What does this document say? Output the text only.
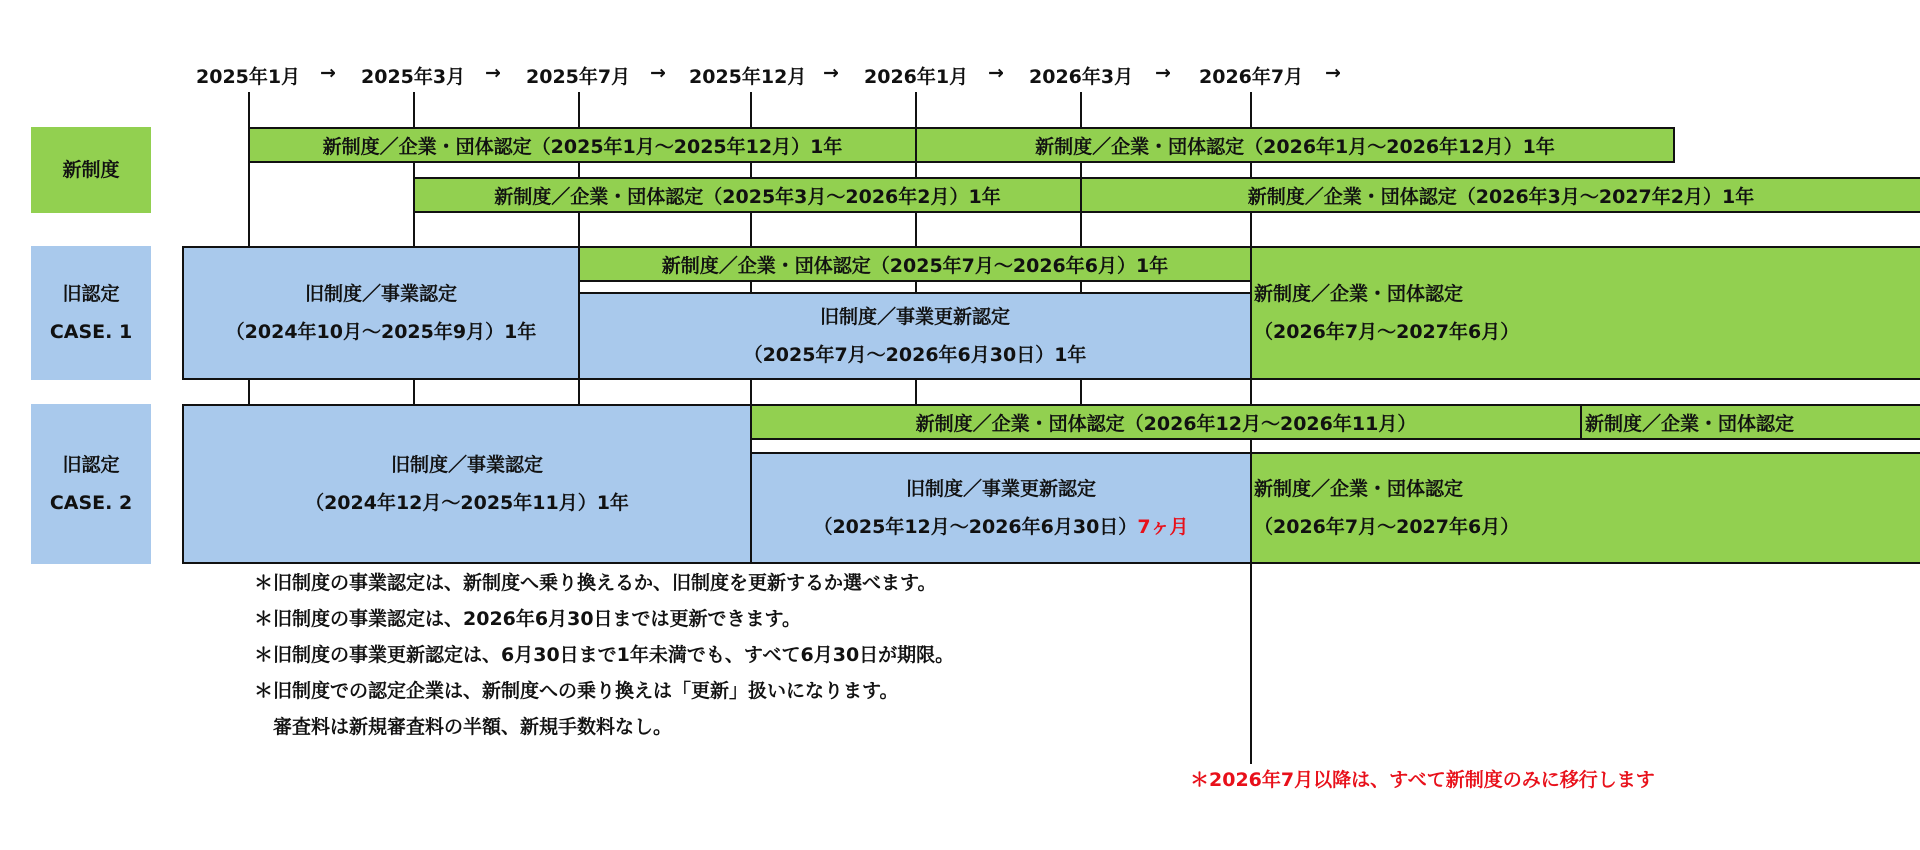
2025年1月 → 2025年3月 → 2025年7月 → 2025年12月 → 2026年1月 → 2026年3月 → 2026年7月 →
新制度
旧認定
CASE. 1
旧認定
CASE. 2
新制度／企業・団体認定（2025年1月～2025年12月）1年	新制度／企業・団体認定（2026年1月～2026年12月）1年
新制度／企業・団体認定（2025年3月～2026年2月）1年	新制度／企業・団体認定（2026年3月～2027年2月）1年
旧制度／事業認定
（2024年10月～2025年9月）1年
新制度／企業・団体認定（2025年7月～2026年6月）1年
旧制度／事業更新認定
（2025年7月～2026年6月30日）1年
新制度／企業・団体認定
（2026年7月～2027年6月）
旧制度／事業認定
（2024年12月～2025年11月）1年
新制度／企業・団体認定（2026年12月～2026年11月）	新制度／企業・団体認定
旧制度／事業更新認定
（2025年12月～2026年6月30日）7ヶ月
新制度／企業・団体認定
（2026年7月～2027年6月）
＊旧制度の事業認定は、新制度へ乗り換えるか、旧制度を更新するか選べます。
＊旧制度の事業認定は、2026年6月30日までは更新できます。
＊旧制度の事業更新認定は、6月30日まで1年未満でも、すべて6月30日が期限。
＊旧制度での認定企業は、新制度への乗り換えは「更新」扱いになります。
　審査料は新規審査料の半額、新規手数料なし。
＊2026年7月以降は、すべて新制度のみに移行します
